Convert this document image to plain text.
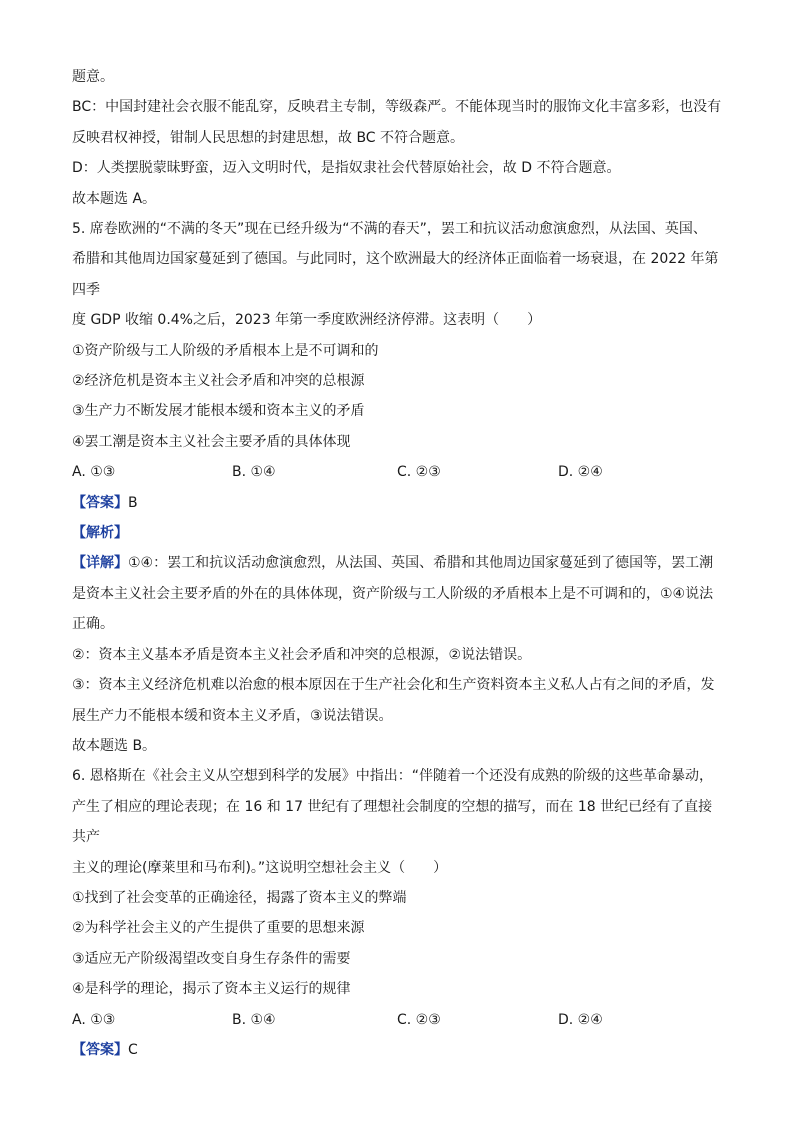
题意。

BC：中国封建社会衣服不能乱穿，反映君主专制，等级森严。不能体现当时的服饰文化丰富多彩，也没有

反映君权神授，钳制人民思想的封建思想，故 BC 不符合题意。

D：人类摆脱蒙昧野蛮，迈入文明时代，是指奴隶社会代替原始社会，故 D 不符合题意。

故本题选 A。

5. 席卷欧洲的“不满的冬天”现在已经升级为“不满的春天”，罢工和抗议活动愈演愈烈，从法国、英国、

希腊和其他周边国家蔓延到了德国。与此同时，这个欧洲最大的经济体正面临着一场衰退，在 2022 年第四季

度 GDP 收缩 0.4%之后，2023 年第一季度欧洲经济停滞。这表明（　　）

①资产阶级与工人阶级的矛盾根本上是不可调和的

②经济危机是资本主义社会矛盾和冲突的总根源

③生产力不断发展才能根本缓和资本主义的矛盾

④罢工潮是资本主义社会主要矛盾的具体体现

A. ①③	B. ①④	C. ②③	D. ②④

【答案】B

【解析】

【详解】①④：罢工和抗议活动愈演愈烈，从法国、英国、希腊和其他周边国家蔓延到了德国等，罢工潮

是资本主义社会主要矛盾的外在的具体体现，资产阶级与工人阶级的矛盾根本上是不可调和的，①④说法

正确。

②：资本主义基本矛盾是资本主义社会矛盾和冲突的总根源，②说法错误。

③：资本主义经济危机难以治愈的根本原因在于生产社会化和生产资料资本主义私人占有之间的矛盾，发

展生产力不能根本缓和资本主义矛盾，③说法错误。

故本题选 B。

6. 恩格斯在《社会主义从空想到科学的发展》中指出：“伴随着一个还没有成熟的阶级的这些革命暴动，

产生了相应的理论表现；在 16 和 17 世纪有了理想社会制度的空想的描写，而在 18 世纪已经有了直接共产

主义的理论(摩莱里和马布利)。”这说明空想社会主义（　　）

①找到了社会变革的正确途径，揭露了资本主义的弊端

②为科学社会主义的产生提供了重要的思想来源

③适应无产阶级渴望改变自身生存条件的需要

④是科学的理论，揭示了资本主义运行的规律

A. ①③	B. ①④	C. ②③	D. ②④

【答案】C
